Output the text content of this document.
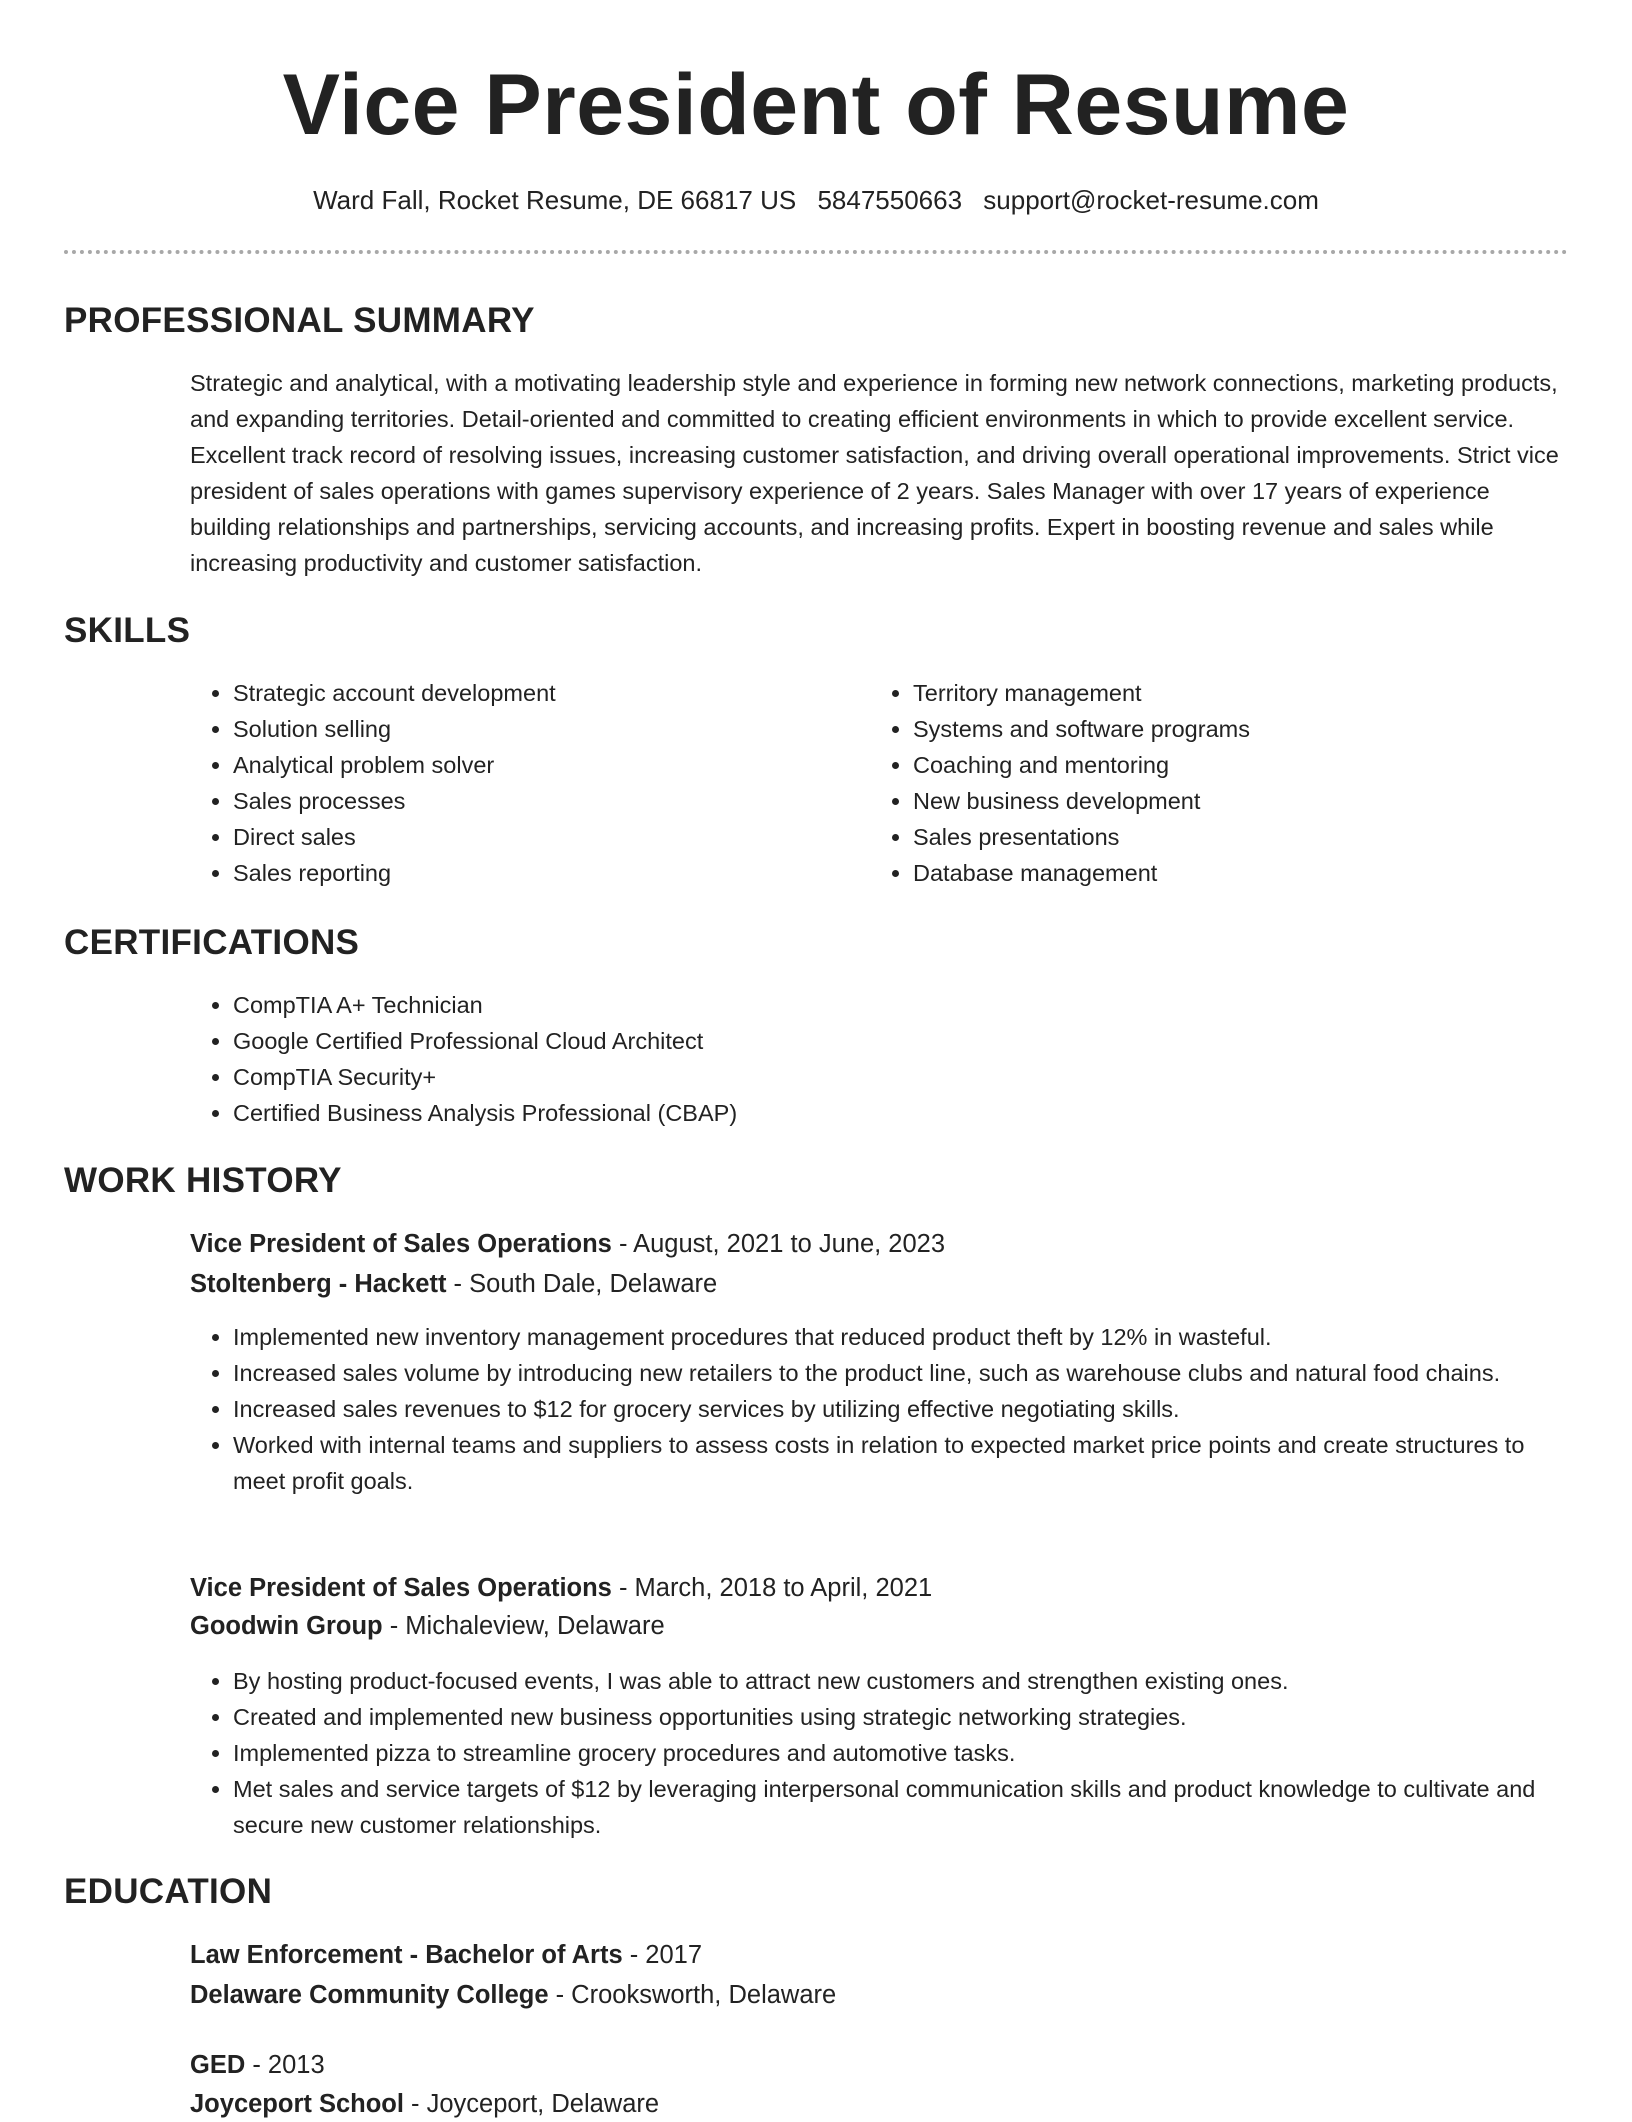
Vice President of Resume
Ward Fall, Rocket Resume, DE 66817 US 5847550663 support@rocket-resume.com
PROFESSIONAL SUMMARY

Strategic and analytical, with a motivating leadership style and experience in forming new network connections, marketing products, and expanding territories. Detail-oriented and committed to creating efficient environments in which to provide excellent service. Excellent track record of resolving issues, increasing customer satisfaction, and driving overall operational improvements. Strict vice president of sales operations with games supervisory experience of 2 years. Sales Manager with over 17 years of experience building relationships and partnerships, servicing accounts, and increasing profits. Expert in boosting revenue and sales while increasing productivity and customer satisfaction.

SKILLS
• Strategic account development
• Solution selling
• Analytical problem solver
• Sales processes
• Direct sales
• Sales reporting
• Territory management
• Systems and software programs
• Coaching and mentoring
• New business development
• Sales presentations
• Database management
CERTIFICATIONS
• CompTIA A+ Technician
• Google Certified Professional Cloud Architect
• CompTIA Security+
• Certified Business Analysis Professional (CBAP)
WORK HISTORY
Vice President of Sales Operations - August, 2021 to June, 2023
Stoltenberg - Hackett - South Dale, Delaware
• Implemented new inventory management procedures that reduced product theft by 12% in wasteful.
• Increased sales volume by introducing new retailers to the product line, such as warehouse clubs and natural food chains.
• Increased sales revenues to $12 for grocery services by utilizing effective negotiating skills.
• Worked with internal teams and suppliers to assess costs in relation to expected market price points and create structures to meet profit goals.
Vice President of Sales Operations - March, 2018 to April, 2021
Goodwin Group - Michaleview, Delaware
• By hosting product-focused events, I was able to attract new customers and strengthen existing ones.
• Created and implemented new business opportunities using strategic networking strategies.
• Implemented pizza to streamline grocery procedures and automotive tasks.
• Met sales and service targets of $12 by leveraging interpersonal communication skills and product knowledge to cultivate and secure new customer relationships.
EDUCATION
Law Enforcement - Bachelor of Arts - 2017
Delaware Community College - Crooksworth, Delaware
GED - 2013
Joyceport School - Joyceport, Delaware
